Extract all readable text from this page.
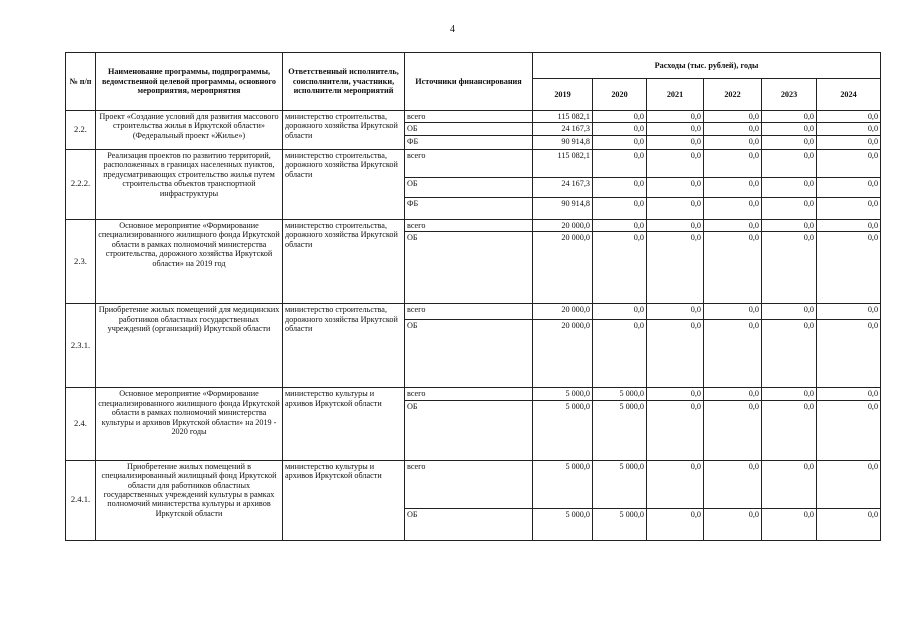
4
№ п/п	Наименование программы, подпрограммы, ведомственной целевой программы, основного мероприятия, мероприятия	Ответственный исполнитель, соисполнители, участники, исполнители мероприятий	Источники финансирования	Расходы (тыс. рублей), годы					
				2019	2020	2021	2022	2023	2024
2.2.	Проект «Создание условий для развития массового строительства жилья в Иркутской области» (Федеральный проект «Жилье»)	министерство строительства, дорожного хозяйства Иркутской области	всего	115 082,1	0,0	0,0	0,0	0,0	0,0
			ОБ	24 167,3	0,0	0,0	0,0	0,0	0,0
			ФБ	90 914,8	0,0	0,0	0,0	0,0	0,0
2.2.2.	Реализация проектов по развитию территорий, расположенных в границах населенных пунктов, предусматривающих строительство жилья путем строительства объектов транспортной инфраструктуры	министерство строительства, дорожного хозяйства Иркутской области	всего	115 082,1	0,0	0,0	0,0	0,0	0,0
			ОБ	24 167,3	0,0	0,0	0,0	0,0	0,0
			ФБ	90 914,8	0,0	0,0	0,0	0,0	0,0
2.3.	Основное мероприятие «Формирование специализированного жилищного фонда Иркутской области в рамках полномочий министерства строительства, дорожного хозяйства Иркутской области» на 2019 год	министерство строительства, дорожного хозяйства Иркутской области	всего	20 000,0	0,0	0,0	0,0	0,0	0,0
			ОБ	20 000,0	0,0	0,0	0,0	0,0	0,0
2.3.1.	Приобретение жилых помещений для медицинских работников областных государственных учреждений (организаций) Иркутской области	министерство строительства, дорожного хозяйства Иркутской области	всего	20 000,0	0,0	0,0	0,0	0,0	0,0
			ОБ	20 000,0	0,0	0,0	0,0	0,0	0,0
2.4.	Основное мероприятие «Формирование специализированного жилищного фонда Иркутской области в рамках полномочий министерства культуры и архивов Иркутской области» на 2019 - 2020 годы	министерство культуры и архивов Иркутской области	всего	5 000,0	5 000,0	0,0	0,0	0,0	0,0
			ОБ	5 000,0	5 000,0	0,0	0,0	0,0	0,0
2.4.1.	Приобретение жилых помещений в специализированный жилищный фонд Иркутской области для работников областных государственных учреждений культуры в рамках полномочий министерства культуры и архивов Иркутской области	министерство культуры и архивов Иркутской области	всего	5 000,0	5 000,0	0,0	0,0	0,0	0,0
			ОБ	5 000,0	5 000,0	0,0	0,0	0,0	0,0
